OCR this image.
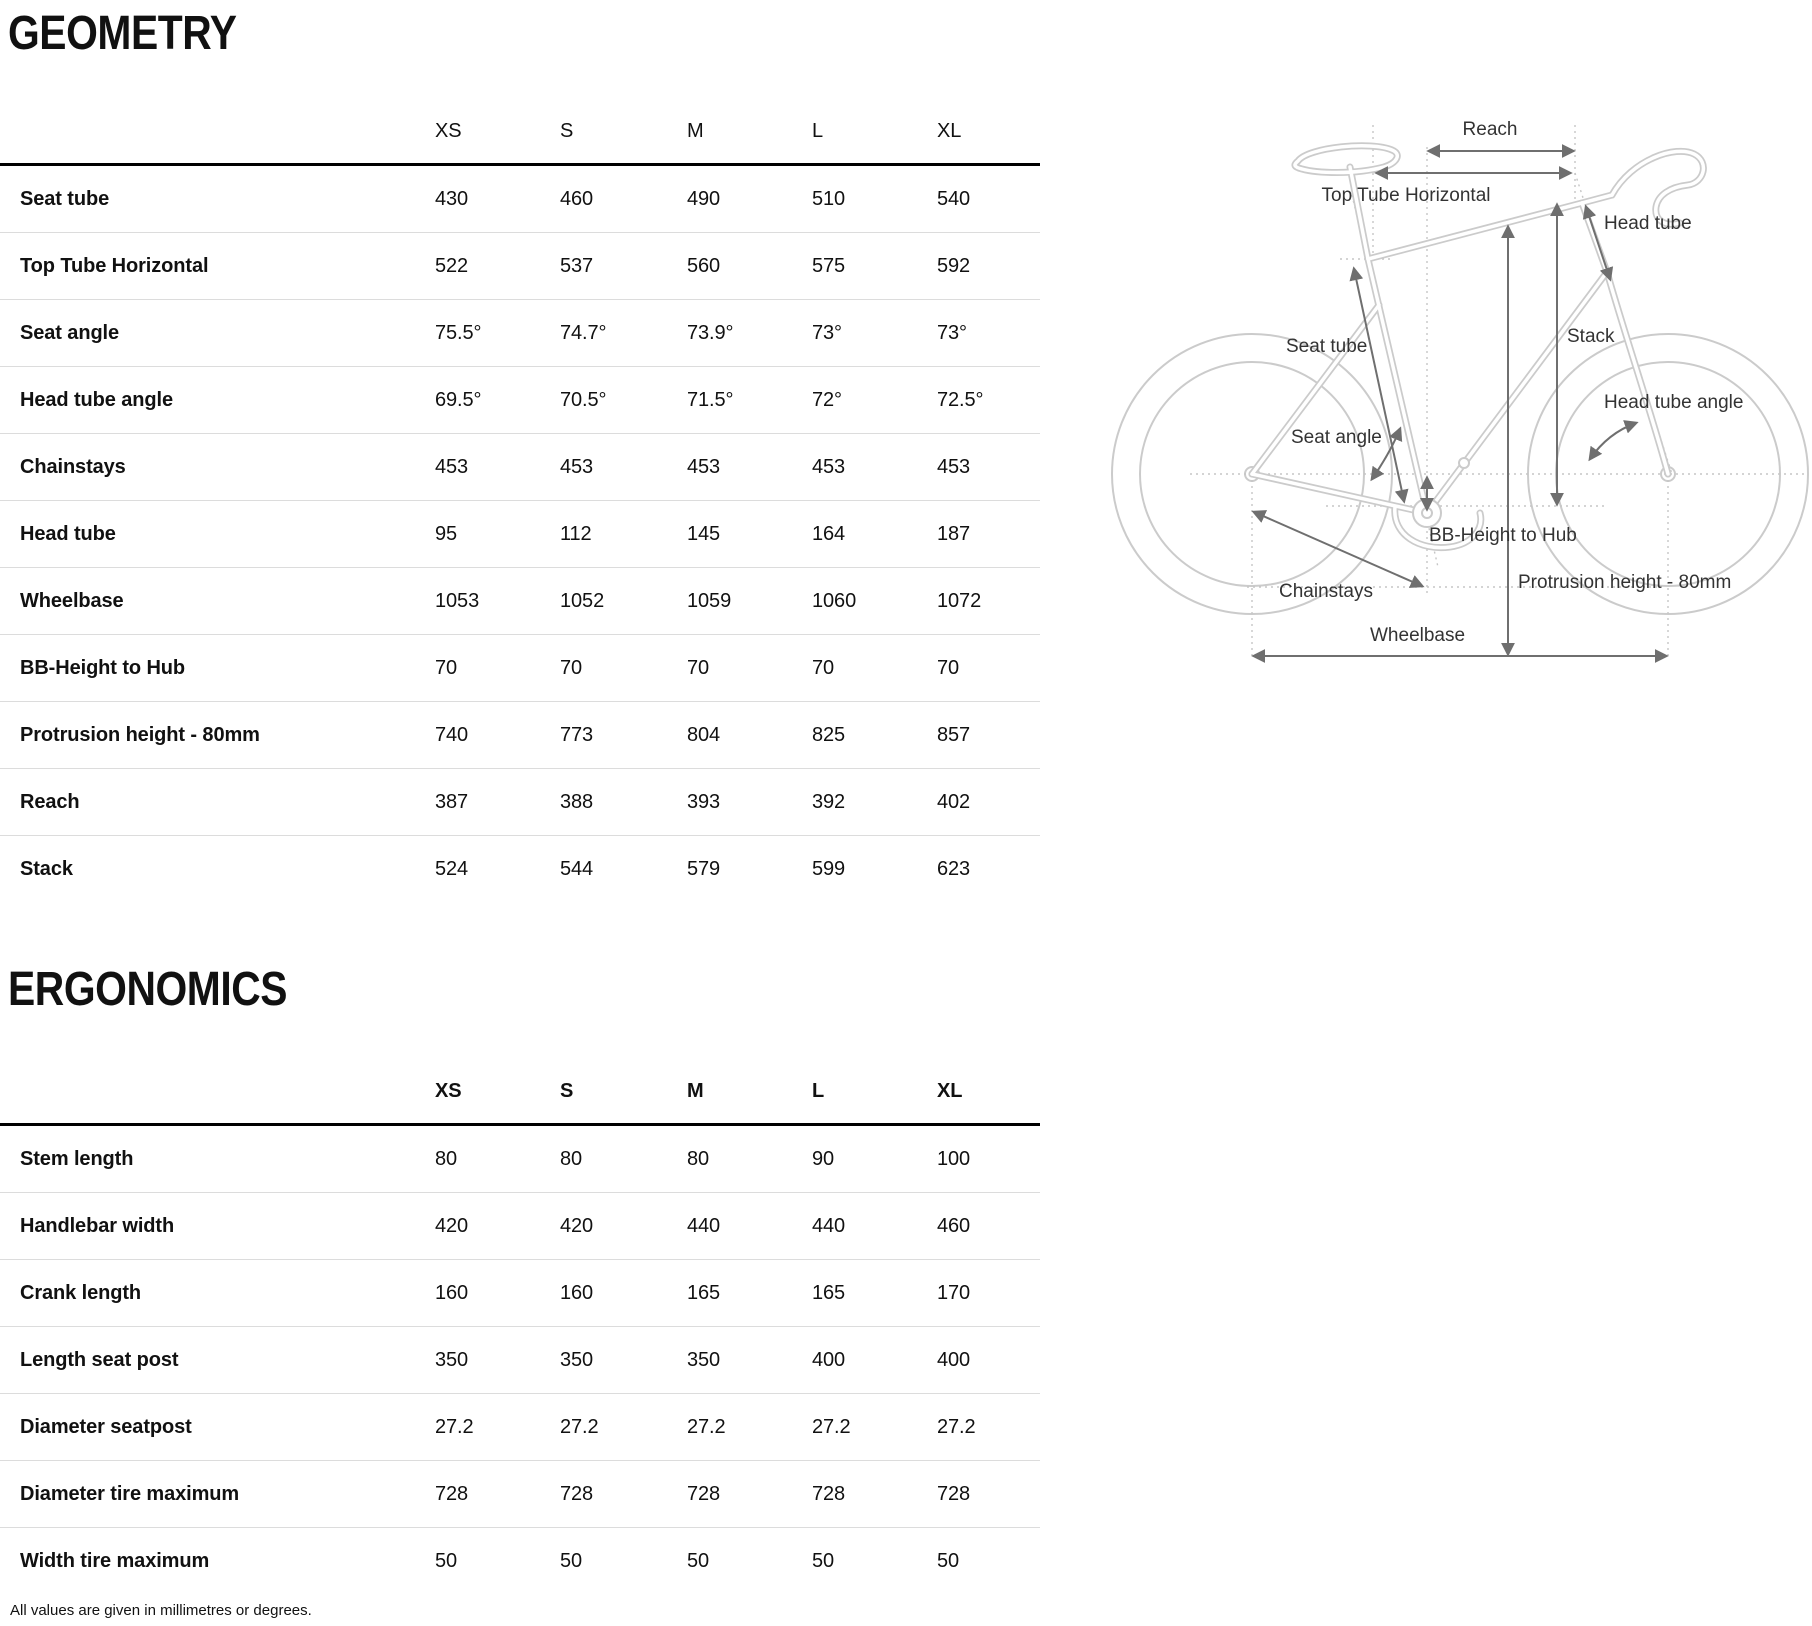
GEOMETRY
XS	S	M	L	XL
Seat tube	430	460	490	510	540
Top Tube Horizontal	522	537	560	575	592
Seat angle	75.5°	74.7°	73.9°	73°	73°
Head tube angle	69.5°	70.5°	71.5°	72°	72.5°
Chainstays	453	453	453	453	453
Head tube	95	112	145	164	187
Wheelbase	1053	1052	1059	1060	1072
BB-Height to Hub	70	70	70	70	70
Protrusion height - 80mm	740	773	804	825	857
Reach	387	388	393	392	402
Stack	524	544	579	599	623
Reach
Top Tube Horizontal
Head tube
Seat tube	Stack
Seat angle
Head tube angle
BB-Height to Hub
Chainstays	Protrusion height - 80mm
Wheelbase
ERGONOMICS
XS	S	M	L	XL
Stem length	80	80	80	90	100
Handlebar width	420	420	440	440	460
Crank length	160	160	165	165	170
Length seat post	350	350	350	400	400
Diameter seatpost	27.2	27.2	27.2	27.2	27.2
Diameter tire maximum	728	728	728	728	728
Width tire maximum	50	50	50	50	50
All values are given in millimetres or degrees.
